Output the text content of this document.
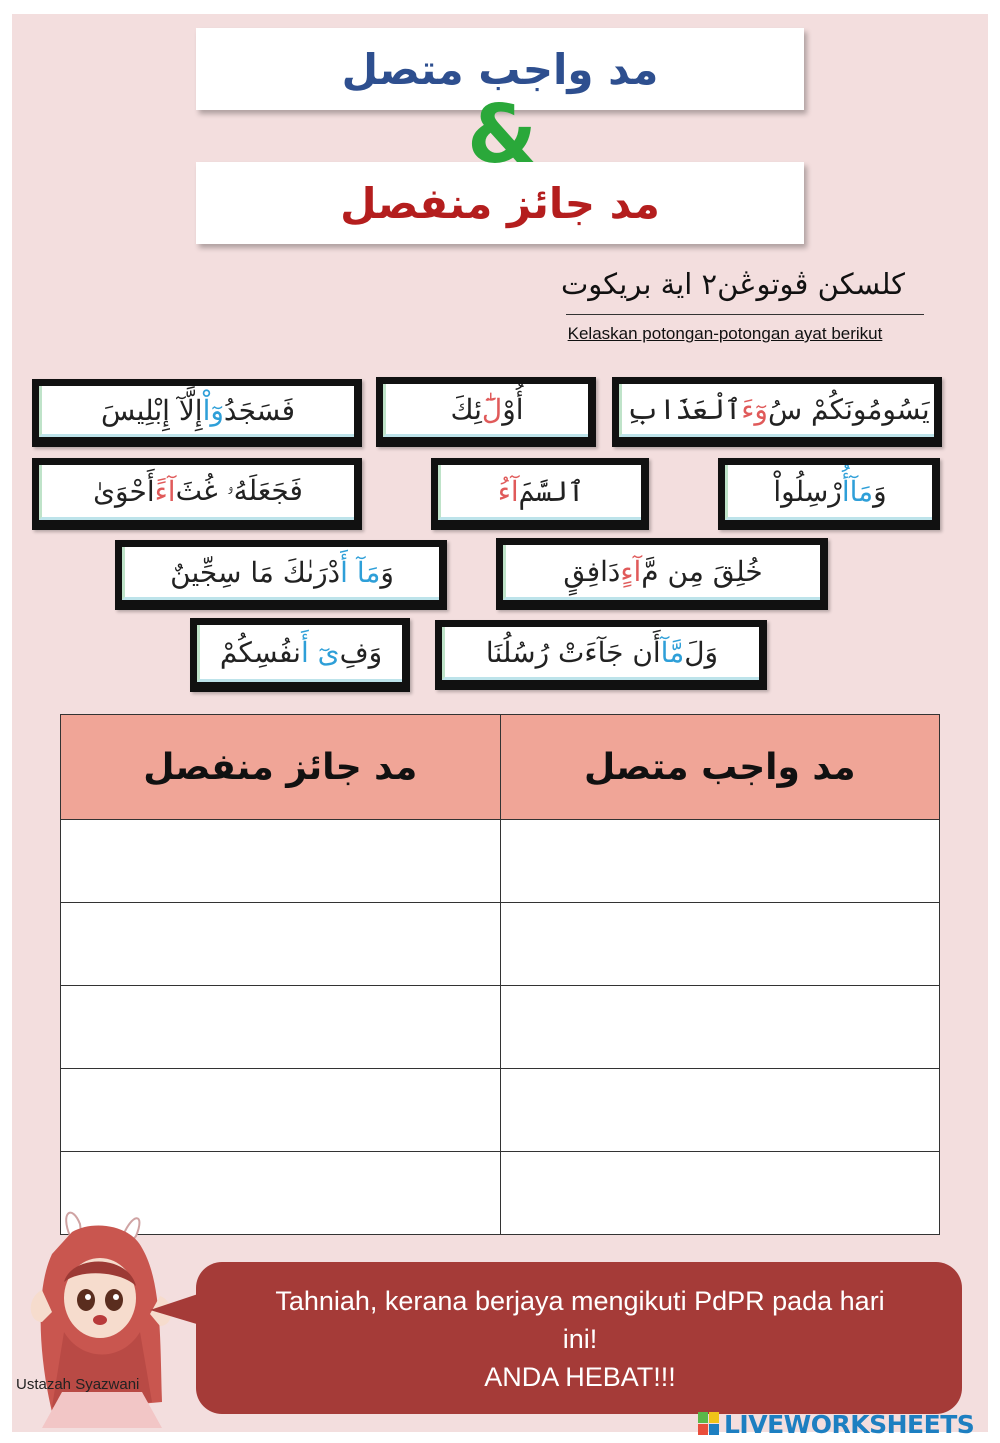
مد واجب متصل
مد جائز منفصل
&
كلسكن ڤوتوڠن٢ اية بريكوت
Kelaskan potongan-potongan ayat berikut
يَسُومُونَكُمْ سُ
وٓءَ
ٱلْعَذَابِ
أُوْ
لَٰٓ
ئِكَ
فَسَجَدُ
وٓاْ
إِلَّآ إِبْلِيسَ
وَ
مَآ
أُ
رْسِلُواْ
ٱلسَّمَ
آءُ
فَجَعَلَهُۥ غُثَ
آءً
أَحْوَىٰ
خُلِقَ مِن مَّ
آءٍ
دَافِقٍ
وَ
مَآ أَ
دْرَىٰكَ مَا سِجِّينٌ
وَلَ
مَّآ
أَن جَآءَتْ رُسُلُنَا
وَفِ
ىٓ أَ
نفُسِكُمْ
مد جائز منفصل	مد واجب متصل

Ustazah Syazwani
Tahniah, kerana berjaya mengikuti PdPR pada hari
ini!
ANDA HEBAT!!!
LIVEWORKSHEETS
